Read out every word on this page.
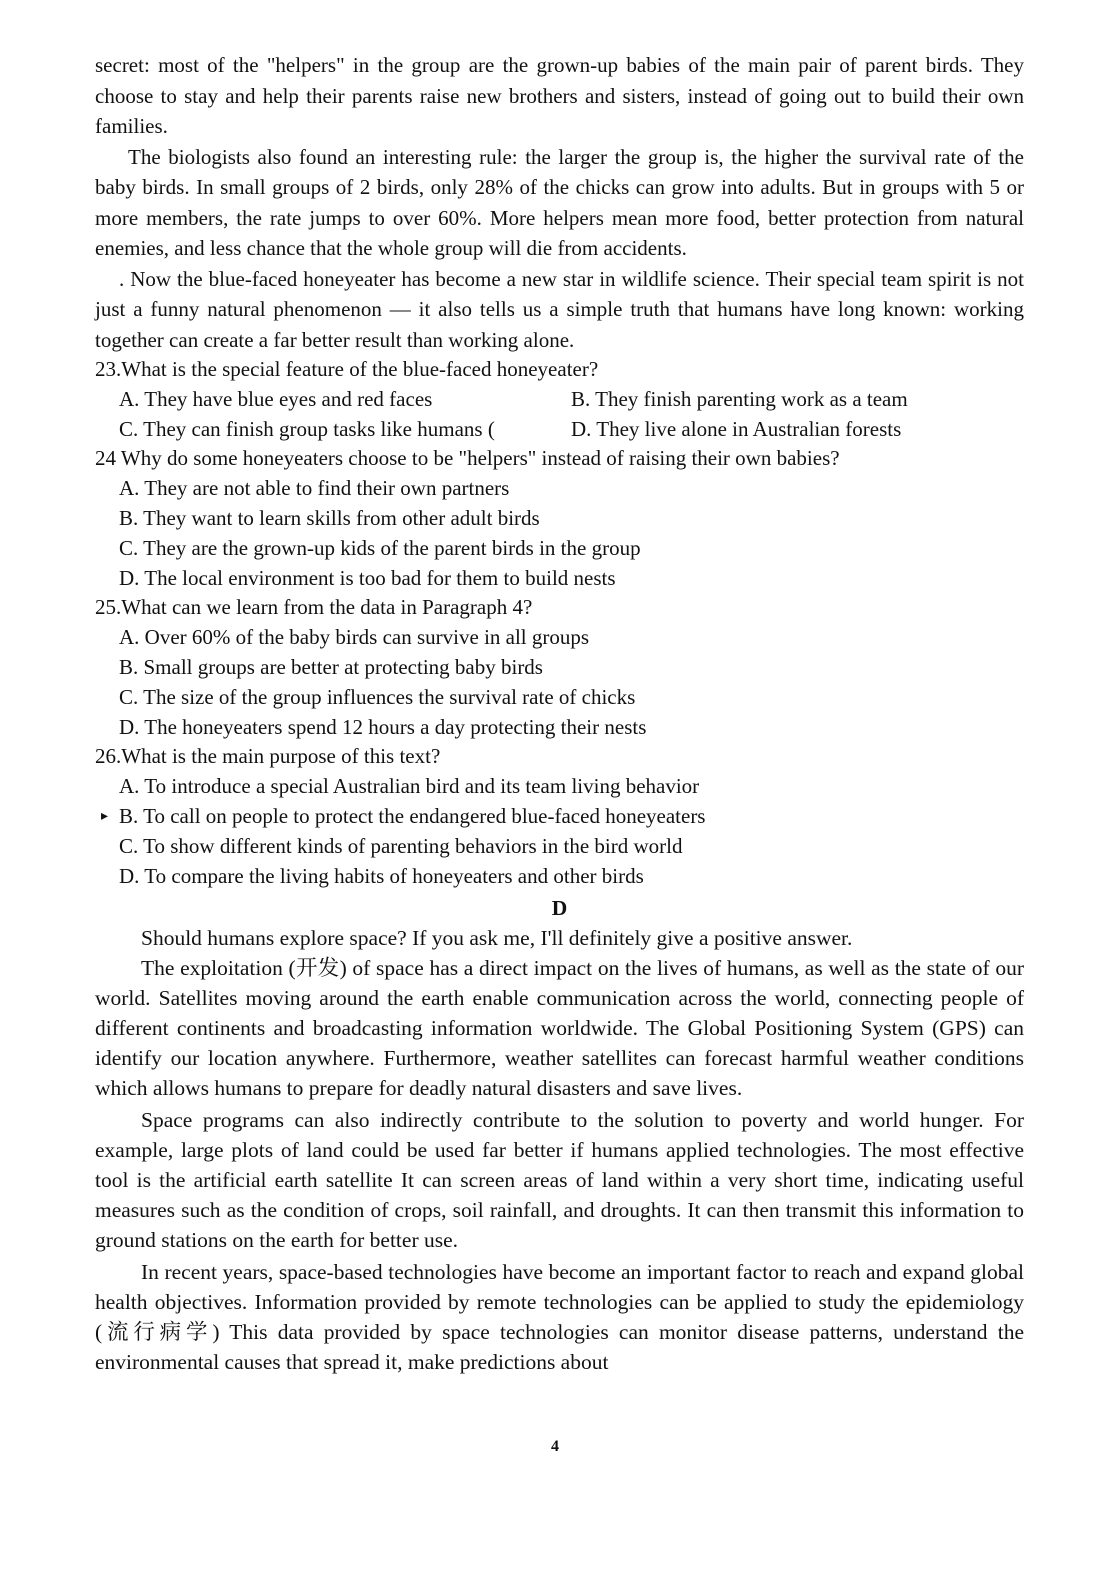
secret: most of the "helpers" in the group are the grown-up babies of the main pair of parent birds. They choose to stay and help their parents raise new brothers and sisters, instead of going out to build their own families.

The biologists also found an interesting rule: the larger the group is, the higher the survival rate of the baby birds. In small groups of 2 birds, only 28% of the chicks can grow into adults. But in groups with 5 or more members, the rate jumps to over 60%. More helpers mean more food, better protection from natural enemies, and less chance that the whole group will die from accidents.

. Now the blue-faced honeyeater has become a new star in wildlife science. Their special team spirit is not just a funny natural phenomenon — it also tells us a simple truth that humans have long known: working together can create a far better result than working alone.

23.What is the special feature of the blue-faced honeyeater?

A. They have blue eyes and red faces	B. They finish parenting work as a team

C. They can finish group tasks like humans (	D. They live alone in Australian forests

24 Why do some honeyeaters choose to be "helpers" instead of raising their own babies?

A. They are not able to find their own partners

B. They want to learn skills from other adult birds

C. They are the grown-up kids of the parent birds in the group

D. The local environment is too bad for them to build nests

25.What can we learn from the data in Paragraph 4?

A. Over 60% of the baby birds can survive in all groups

B. Small groups are better at protecting baby birds

C. The size of the group influences the survival rate of chicks

D. The honeyeaters spend 12 hours a day protecting their nests

26.What is the main purpose of this text?

A. To introduce a special Australian bird and its team living behavior

▸ B. To call on people to protect the endangered blue-faced honeyeaters

C. To show different kinds of parenting behaviors in the bird world

D. To compare the living habits of honeyeaters and other birds

D

Should humans explore space? If you ask me, I'll definitely give a positive answer.

The exploitation (开发) of space has a direct impact on the lives of humans, as well as the state of our world. Satellites moving around the earth enable communication across the world, connecting people of different continents and broadcasting information worldwide. The Global Positioning System (GPS) can identify our location anywhere. Furthermore, weather satellites can forecast harmful weather conditions which allows humans to prepare for deadly natural disasters and save lives.

Space programs can also indirectly contribute to the solution to poverty and world hunger. For example, large plots of land could be used far better if humans applied technologies. The most effective tool is the artificial earth satellite It can screen areas of land within a very short time, indicating useful measures such as the condition of crops, soil rainfall, and droughts. It can then transmit this information to ground stations on the earth for better use.

In recent years, space-based technologies have become an important factor to reach and expand global health objectives. Information provided by remote technologies can be applied to study the epidemiology (流行病学) This data provided by space technologies can monitor disease patterns, understand the environmental causes that spread it, make predictions about

4
